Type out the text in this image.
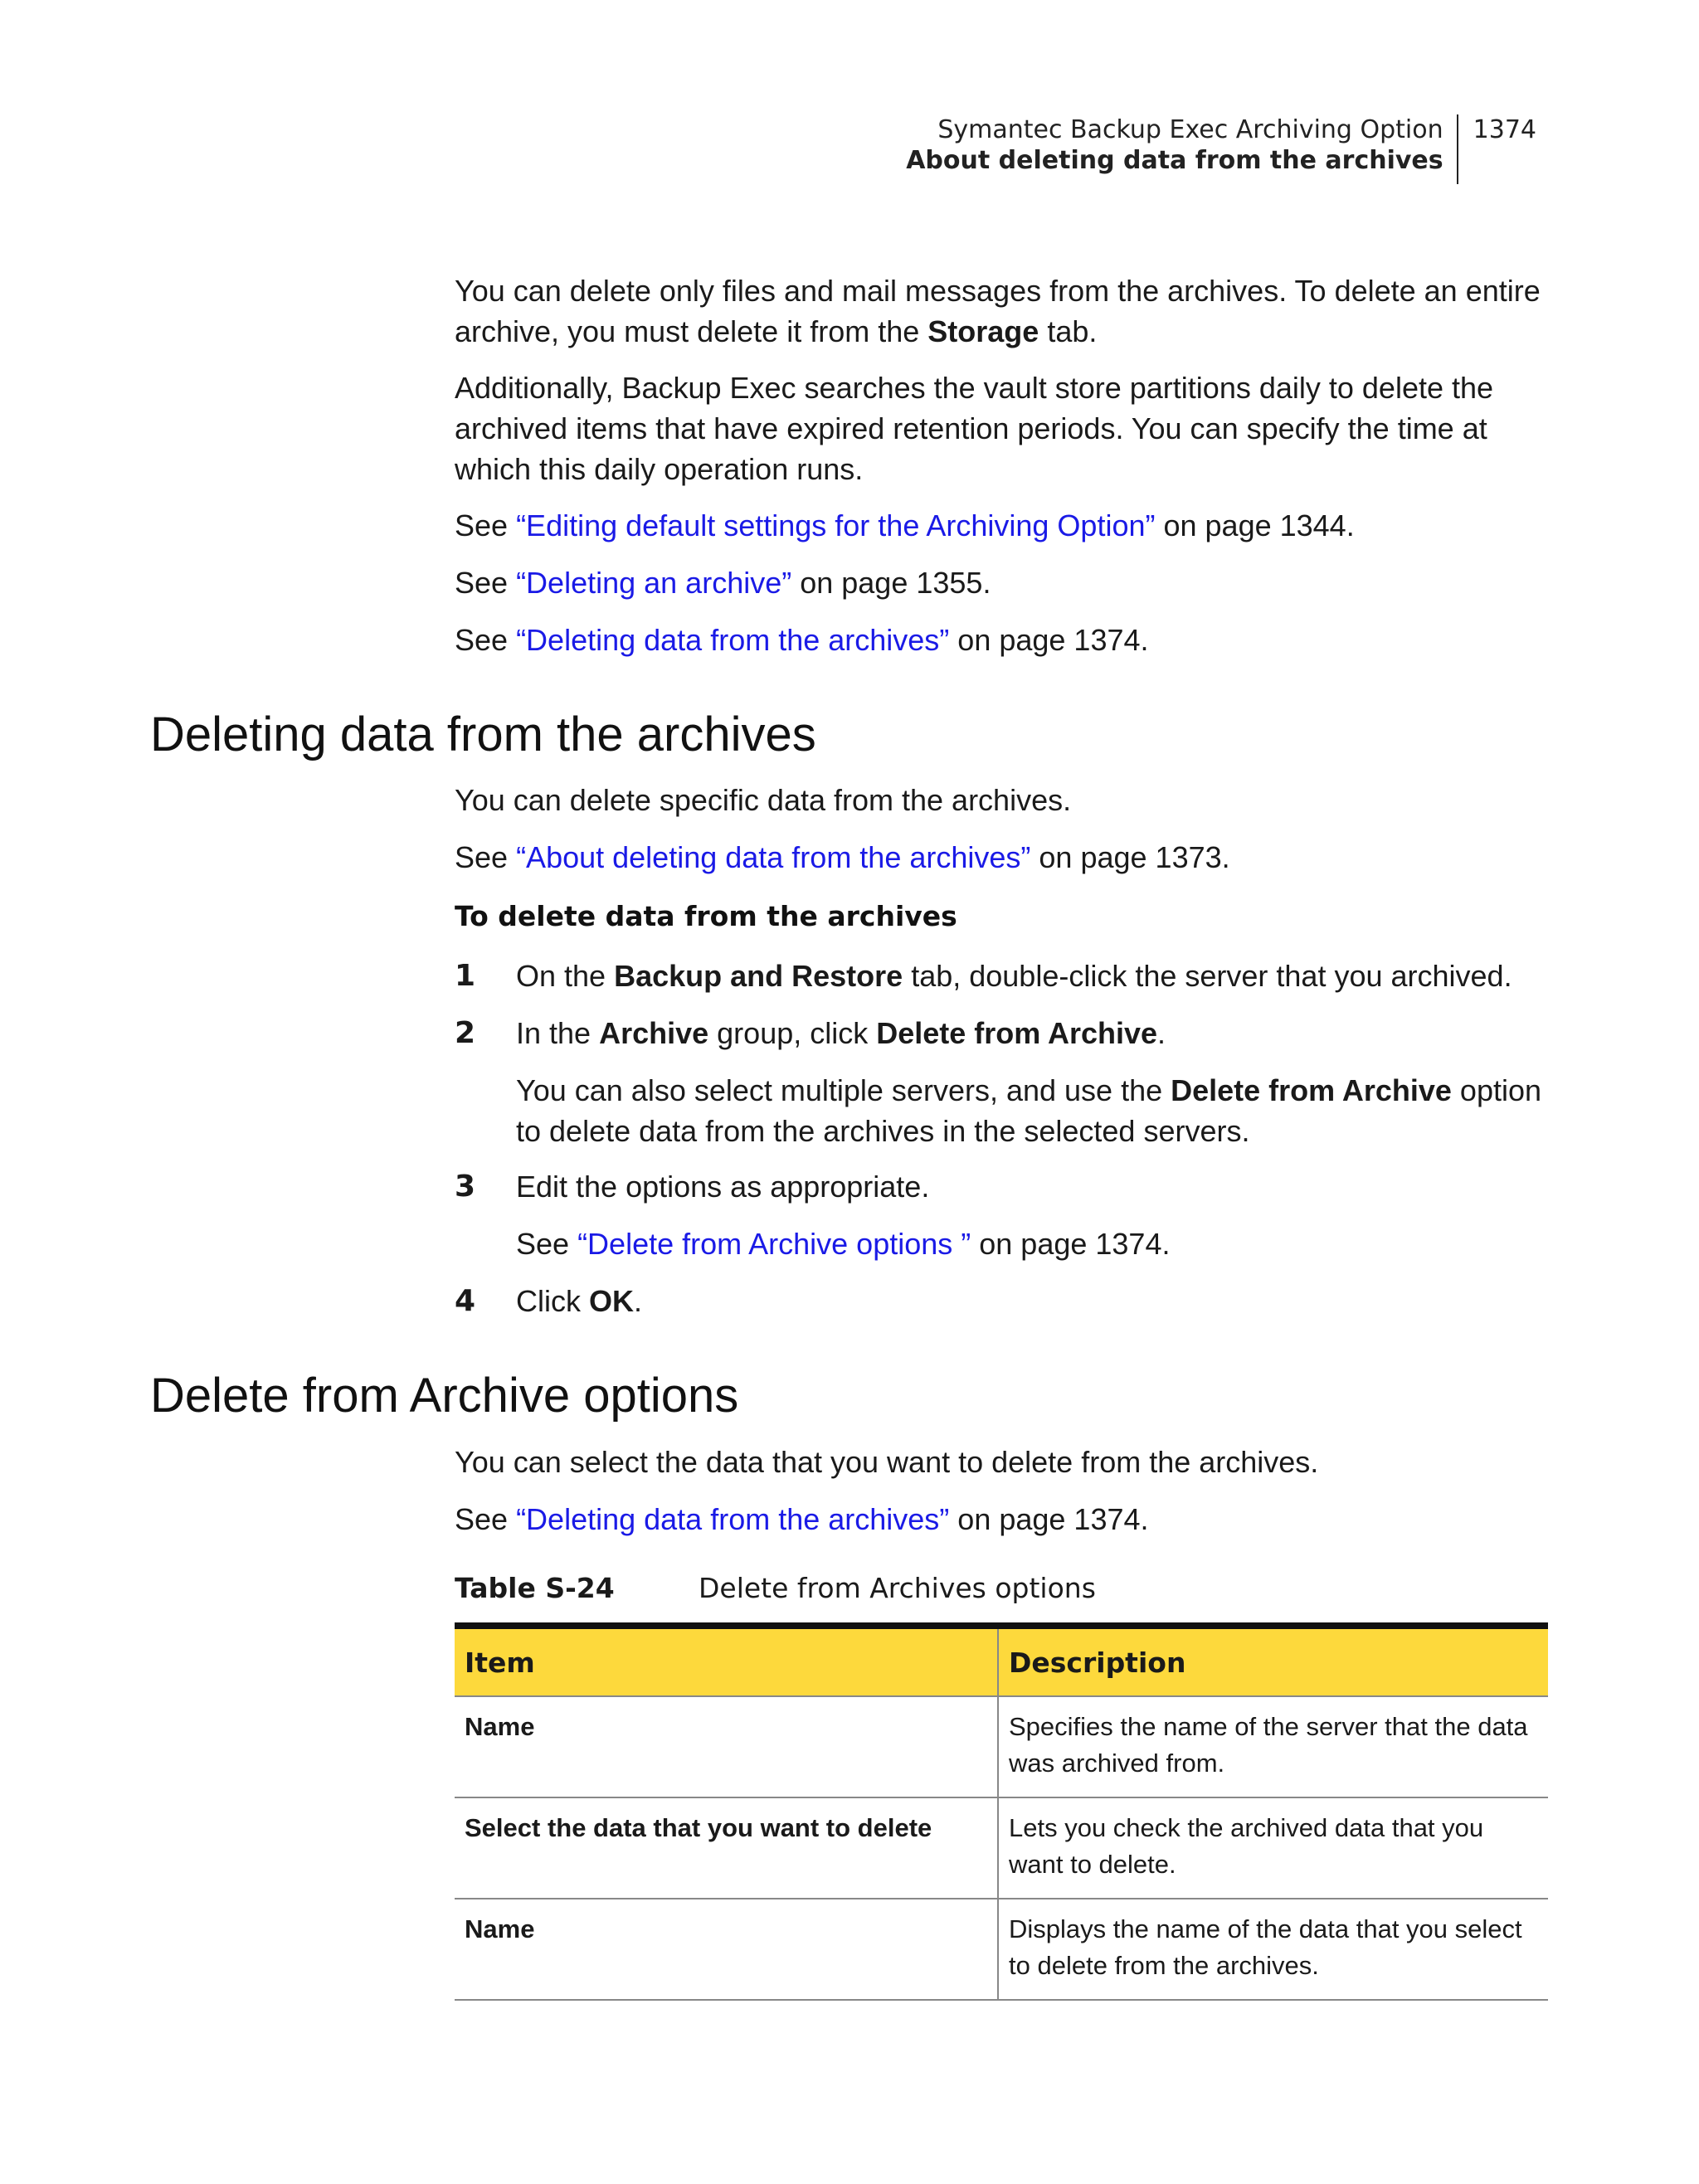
Symantec Backup Exec Archiving Option
About deleting data from the archives
1374

You can delete only files and mail messages from the archives. To delete an entire archive, you must delete it from the Storage tab.

Additionally, Backup Exec searches the vault store partitions daily to delete the archived items that have expired retention periods. You can specify the time at which this daily operation runs.

See “Editing default settings for the Archiving Option” on page 1344.

See “Deleting an archive” on page 1355.

See “Deleting data from the archives” on page 1374.

Deleting data from the archives

You can delete specific data from the archives.

See “About deleting data from the archives” on page 1373.

To delete data from the archives
1 On the Backup and Restore tab, double-click the server that you archived.
2 In the Archive group, click Delete from Archive.
You can also select multiple servers, and use the Delete from Archive option to delete data from the archives in the selected servers.
3 Edit the options as appropriate.
See “Delete from Archive options ” on page 1374.
4 Click OK.
Delete from Archive options

You can select the data that you want to delete from the archives.

See “Deleting data from the archives” on page 1374.

Table S-24	Delete from Archives options
Item	Description
Name	Specifies the name of the server that the data was archived from.
Select the data that you want to delete	Lets you check the archived data that you want to delete.
Name	Displays the name of the data that you select to delete from the archives.
